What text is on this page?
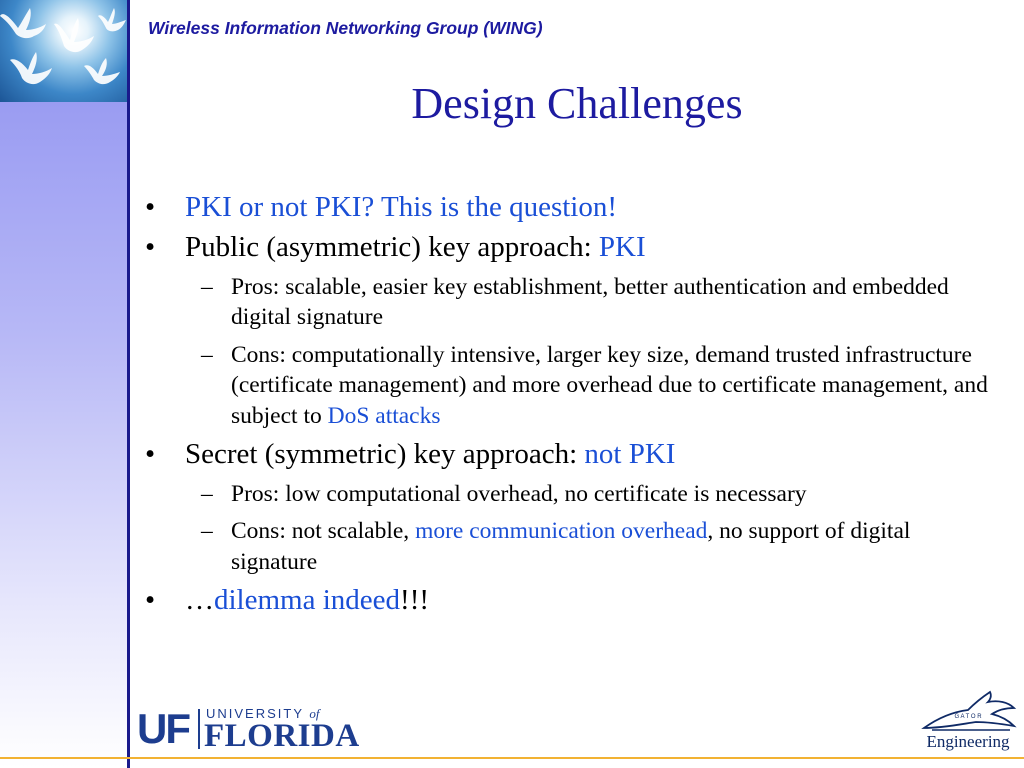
Wireless Information Networking Group (WING)
Design Challenges
• PKI or not PKI? This is the question!
• Public (asymmetric) key approach: PKI
– Pros: scalable, easier key establishment, better authentication and embedded digital signature
– Cons: computationally intensive, larger key size, demand trusted infrastructure (certificate management) and more overhead due to certificate management, and subject to DoS attacks
• Secret (symmetric) key approach: not PKI
– Pros: low computational overhead, no certificate is necessary
– Cons: not scalable, more communication overhead, no support of digital signature
• …dilemma indeed!!!
UF UNIVERSITY of
FLORIDA
G A T O R
Engineering
